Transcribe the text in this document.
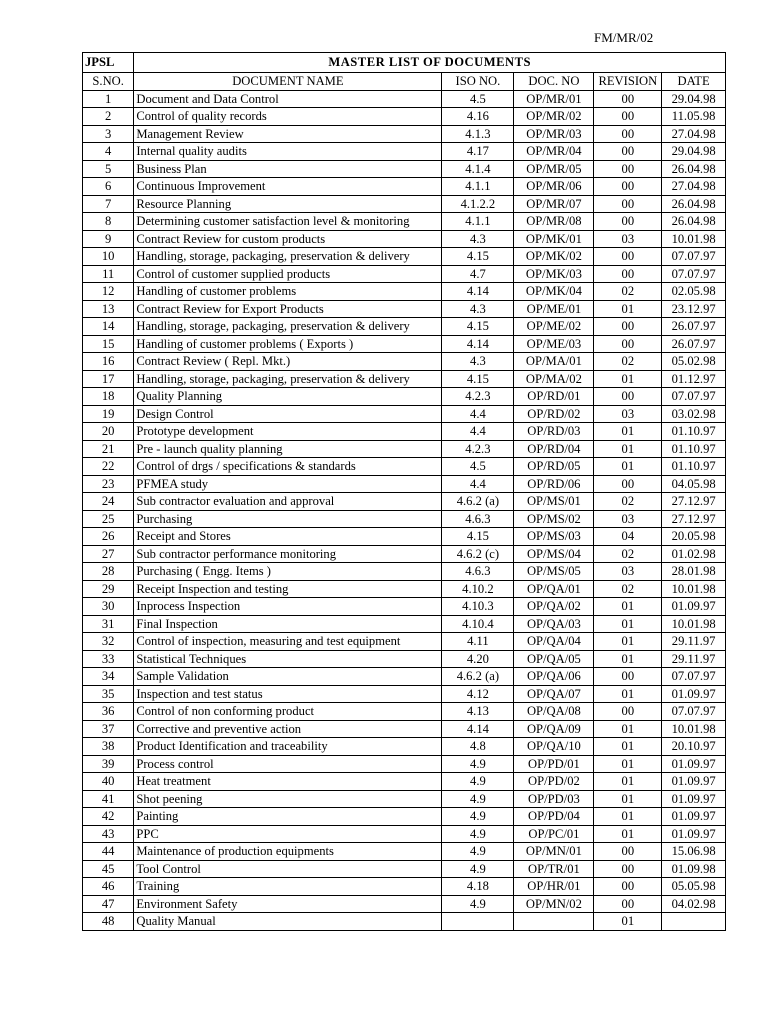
FM/MR/02
JPSL	MASTER LIST OF DOCUMENTS				
S.NO.	DOCUMENT NAME	ISO NO.	DOC. NO	REVISION	DATE
1	Document and Data Control	4.5	OP/MR/01	00	29.04.98
2	Control of quality records	4.16	OP/MR/02	00	11.05.98
3	Management Review	4.1.3	OP/MR/03	00	27.04.98
4	Internal quality audits	4.17	OP/MR/04	00	29.04.98
5	Business Plan	4.1.4	OP/MR/05	00	26.04.98
6	Continuous Improvement	4.1.1	OP/MR/06	00	27.04.98
7	Resource Planning	4.1.2.2	OP/MR/07	00	26.04.98
8	Determining customer satisfaction level & monitoring	4.1.1	OP/MR/08	00	26.04.98
9	Contract Review for custom products	4.3	OP/MK/01	03	10.01.98
10	Handling, storage, packaging, preservation & delivery	4.15	OP/MK/02	00	07.07.97
11	Control of customer supplied products	4.7	OP/MK/03	00	07.07.97
12	Handling of customer problems	4.14	OP/MK/04	02	02.05.98
13	Contract Review for Export Products	4.3	OP/ME/01	01	23.12.97
14	Handling, storage, packaging, preservation & delivery	4.15	OP/ME/02	00	26.07.97
15	Handling of customer problems ( Exports )	4.14	OP/ME/03	00	26.07.97
16	Contract Review ( Repl. Mkt.)	4.3	OP/MA/01	02	05.02.98
17	Handling, storage, packaging, preservation & delivery	4.15	OP/MA/02	01	01.12.97
18	Quality Planning	4.2.3	OP/RD/01	00	07.07.97
19	Design Control	4.4	OP/RD/02	03	03.02.98
20	Prototype development	4.4	OP/RD/03	01	01.10.97
21	Pre - launch quality planning	4.2.3	OP/RD/04	01	01.10.97
22	Control of drgs / specifications & standards	4.5	OP/RD/05	01	01.10.97
23	PFMEA study	4.4	OP/RD/06	00	04.05.98
24	Sub contractor evaluation and approval	4.6.2 (a)	OP/MS/01	02	27.12.97
25	Purchasing	4.6.3	OP/MS/02	03	27.12.97
26	Receipt and Stores	4.15	OP/MS/03	04	20.05.98
27	Sub contractor performance monitoring	4.6.2 (c)	OP/MS/04	02	01.02.98
28	Purchasing ( Engg. Items )	4.6.3	OP/MS/05	03	28.01.98
29	Receipt Inspection and testing	4.10.2	OP/QA/01	02	10.01.98
30	Inprocess Inspection	4.10.3	OP/QA/02	01	01.09.97
31	Final Inspection	4.10.4	OP/QA/03	01	10.01.98
32	Control of inspection, measuring and test equipment	4.11	OP/QA/04	01	29.11.97
33	Statistical Techniques	4.20	OP/QA/05	01	29.11.97
34	Sample Validation	4.6.2 (a)	OP/QA/06	00	07.07.97
35	Inspection and test status	4.12	OP/QA/07	01	01.09.97
36	Control of non conforming product	4.13	OP/QA/08	00	07.07.97
37	Corrective and preventive action	4.14	OP/QA/09	01	10.01.98
38	Product Identification and traceability	4.8	OP/QA/10	01	20.10.97
39	Process control	4.9	OP/PD/01	01	01.09.97
40	Heat treatment	4.9	OP/PD/02	01	01.09.97
41	Shot peening	4.9	OP/PD/03	01	01.09.97
42	Painting	4.9	OP/PD/04	01	01.09.97
43	PPC	4.9	OP/PC/01	01	01.09.97
44	Maintenance of production equipments	4.9	OP/MN/01	00	15.06.98
45	Tool Control	4.9	OP/TR/01	00	01.09.98
46	Training	4.18	OP/HR/01	00	05.05.98
47	Environment Safety	4.9	OP/MN/02	00	04.02.98
48	Quality Manual			01	
